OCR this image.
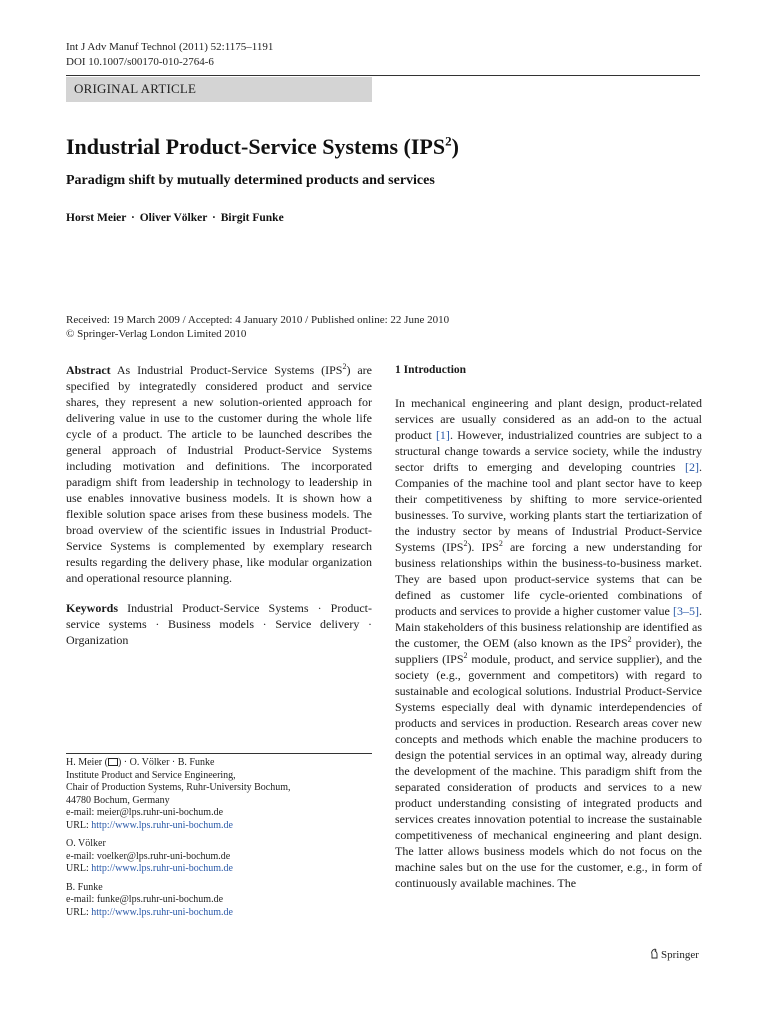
Int J Adv Manuf Technol (2011) 52:1175–1191
DOI 10.1007/s00170-010-2764-6
ORIGINAL ARTICLE
Industrial Product-Service Systems (IPS$^2$)
Paradigm shift by mutually determined products and services
Horst Meier · Oliver Völker · Birgit Funke
Received: 19 March 2009 / Accepted: 4 January 2010 / Published online: 22 June 2010
© Springer-Verlag London Limited 2010

Abstract As Industrial Product-Service Systems (IPS$^2$) are specified by integratedly considered product and service shares, they represent a new solution-oriented approach for delivering value in use to the customer during the whole life cycle of a product. The article to be launched describes the general approach of Industrial Product-Service Systems including motivation and definitions. The incorporated paradigm shift from leadership in technology to leadership in use enables innovative business models. It is shown how a flexible solution space arises from these business models. The broad overview of the scientific issues in Industrial Product-Service Systems is complemented by exemplary research results regarding the delivery phase, like modular organization and operational resource planning.

Keywords Industrial Product-Service Systems · Product-service systems · Business models · Service delivery · Organization

H. Meier ( ) · O. Völker · B. Funke
Institute Product and Service Engineering,
Chair of Production Systems, Ruhr-University Bochum,
44780 Bochum, Germany
e-mail: meier@lps.ruhr-uni-bochum.de
URL: http://www.lps.ruhr-uni-bochum.de
O. Völker
e-mail: voelker@lps.ruhr-uni-bochum.de
URL: http://www.lps.ruhr-uni-bochum.de
B. Funke
e-mail: funke@lps.ruhr-uni-bochum.de
URL: http://www.lps.ruhr-uni-bochum.de
1 Introduction

In mechanical engineering and plant design, product-related services are usually considered as an add-on to the actual product [1]. However, industrialized countries are subject to a structural change towards a service society, while the industry sector drifts to emerging and developing countries [2]. Companies of the machine tool and plant sector have to keep their competitiveness by shifting to more service-oriented businesses. To survive, working plants start the tertiarization of the industry sector by means of Industrial Product-Service Systems (IPS$^2$). IPS$^2$ are forcing a new understanding for business relationships within the business-to-business market. They are based upon product-service systems that can be defined as customer life cycle-oriented combinations of products and services to provide a higher customer value [3–5]. Main stakeholders of this business relationship are identified as the customer, the OEM (also known as the IPS$^2$ provider), the suppliers (IPS$^2$ module, product, and service supplier), and the society (e.g., government and competitors) with regard to sustainable and ecological solutions. Industrial Product-Service Systems especially deal with dynamic interdependencies of products and services in production. Research areas cover new concepts and methods which enable the machine producers to design the potential services in an optimal way, already during the development of the machine. This paradigm shift from the separated consideration of products and services to a new product understanding consisting of integrated products and services creates innovation potential to increase the sustainable competitiveness of mechanical engineering and plant design. The latter allows business models which do not focus on the machine sales but on the use for the customer, e.g., in form of continuously available machines. The

Springer
